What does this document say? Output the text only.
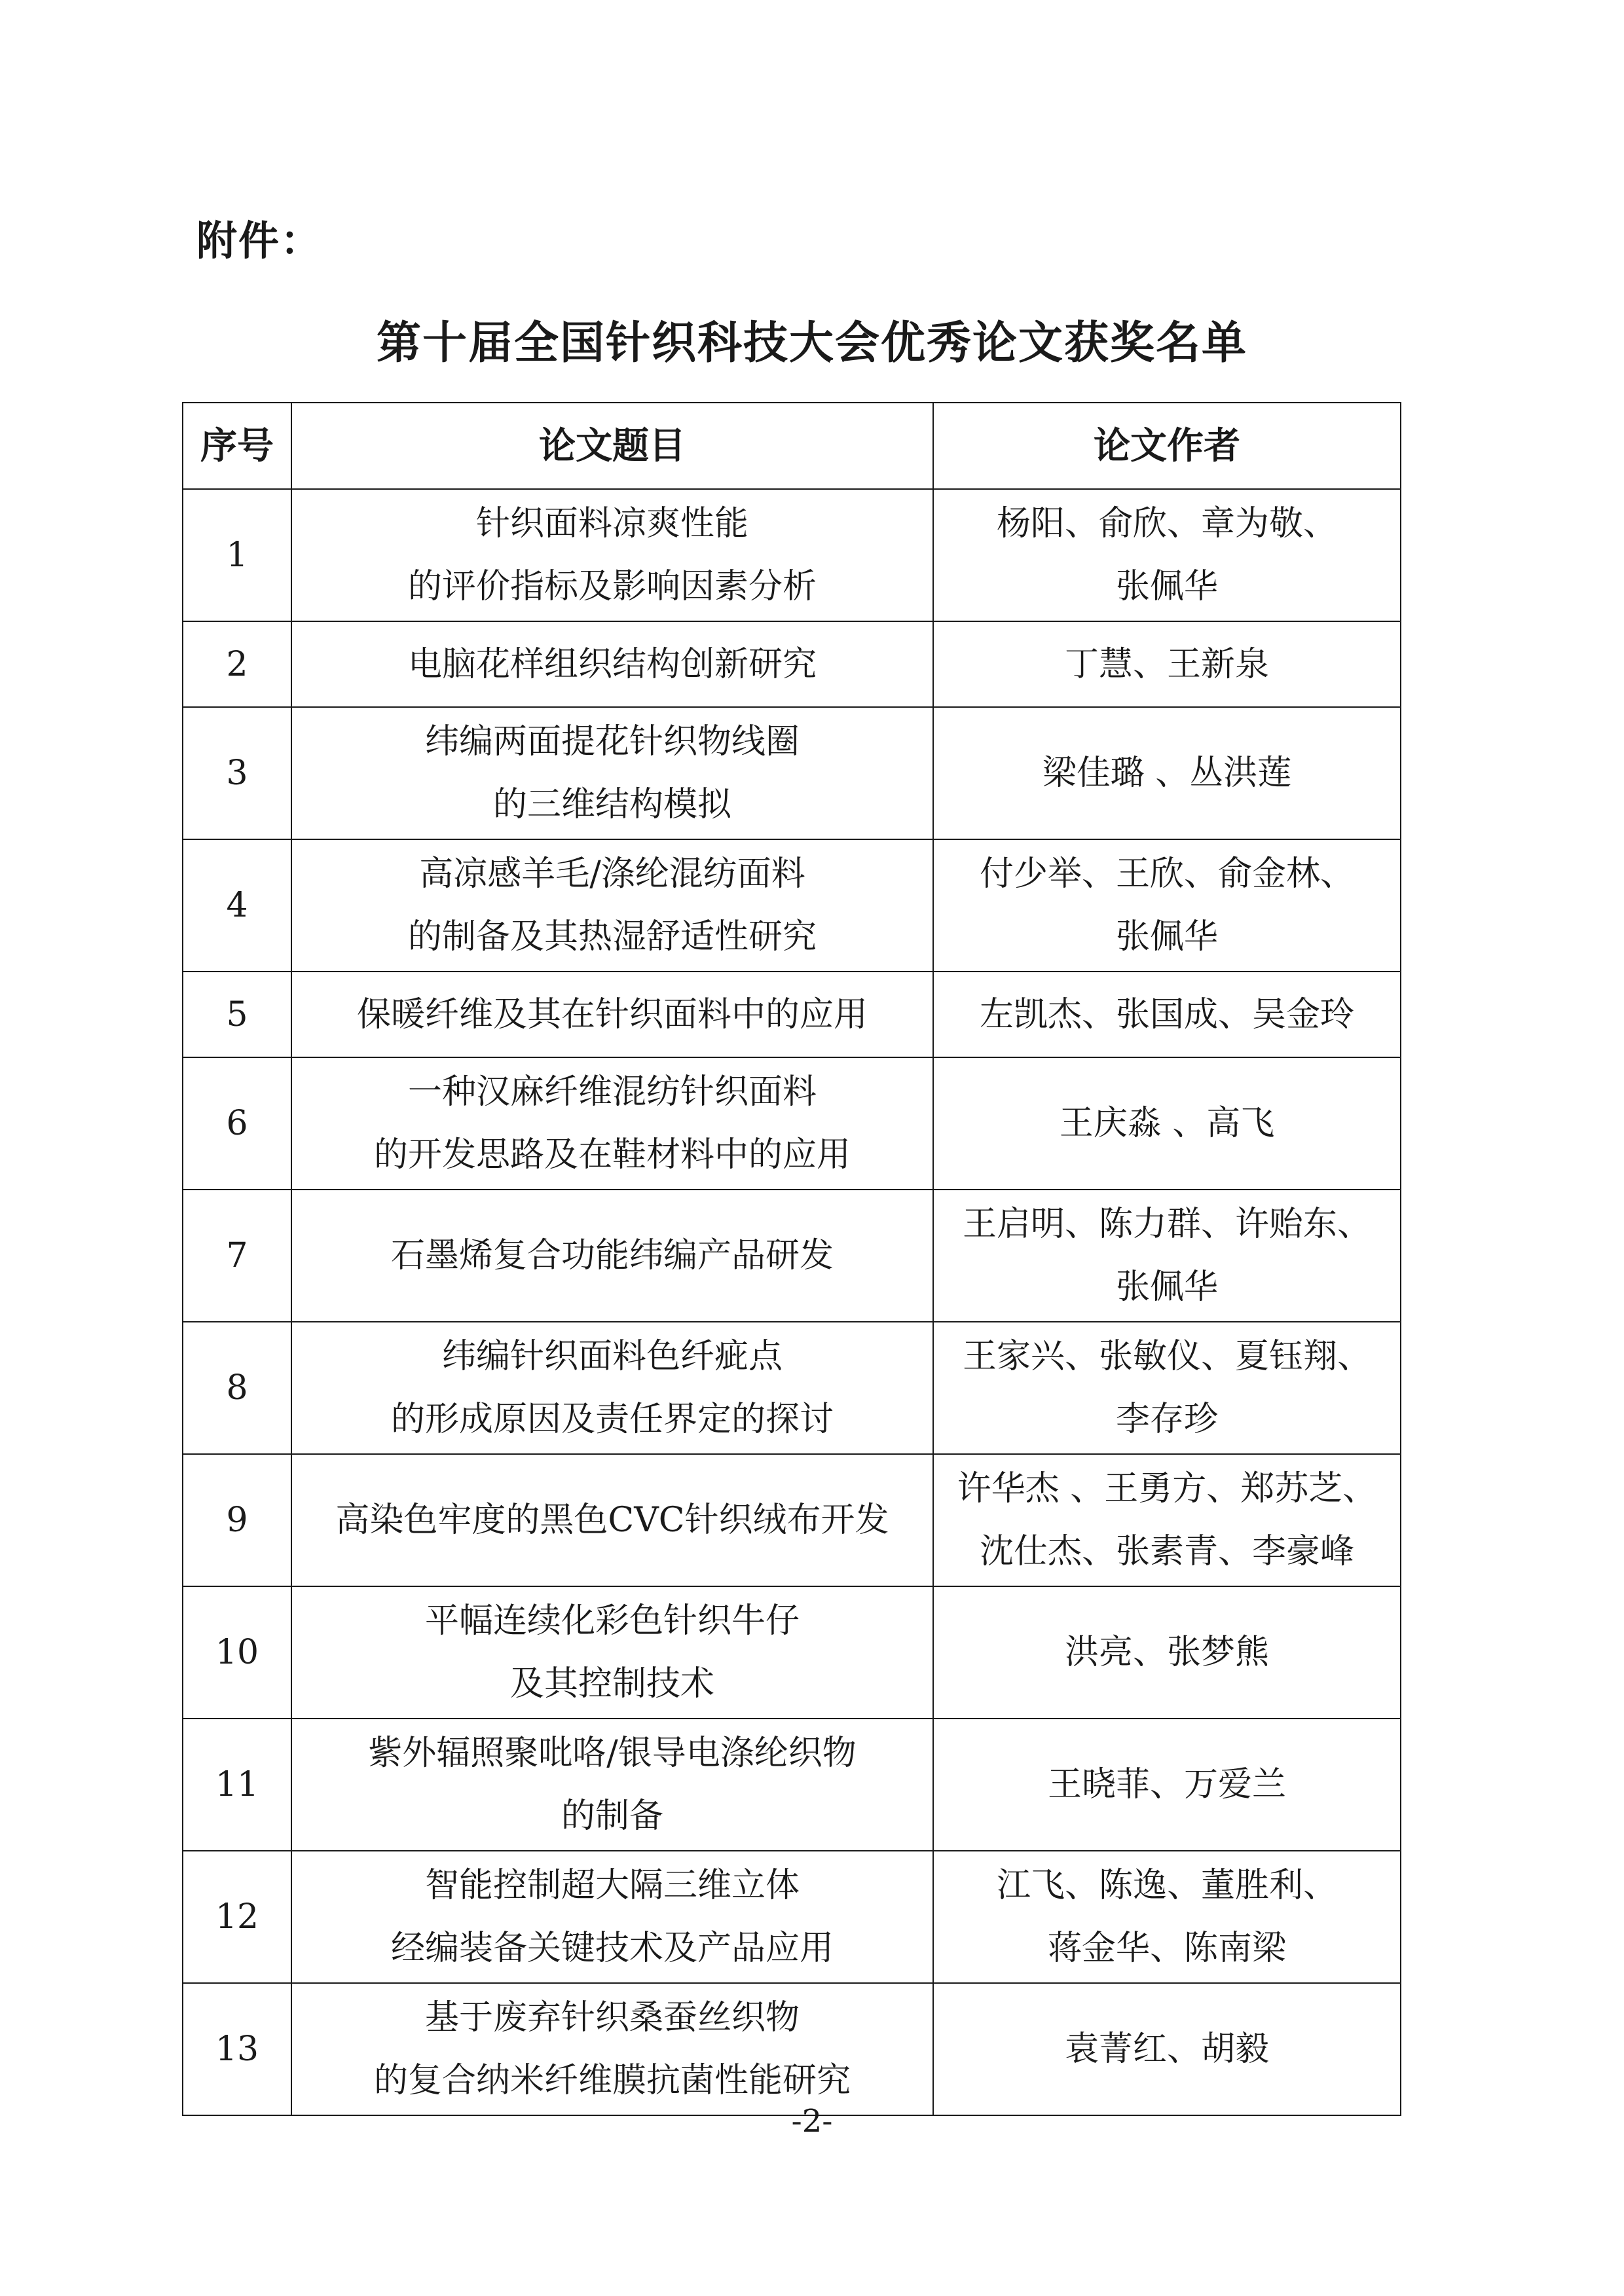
附件：
第十届全国针织科技大会优秀论文获奖名单
序号	论文题目	论文作者
1	针织面料凉爽性能
的评价指标及影响因素分析	杨阳、俞欣、章为敬、
张佩华

2	电脑花样组织结构创新研究	丁慧、王新泉

3	纬编两面提花针织物线圈
的三维结构模拟	梁佳璐 、丛洪莲

4	高凉感羊毛/涤纶混纺面料
的制备及其热湿舒适性研究	付少举、王欣、俞金林、
张佩华

5	保暖纤维及其在针织面料中的应用	左凯杰、张国成、吴金玲

6	一种汉麻纤维混纺针织面料
的开发思路及在鞋材料中的应用	王庆淼 、高飞

7	石墨烯复合功能纬编产品研发	王启明、陈力群、许贻东、
张佩华

8	纬编针织面料色纤疵点
的形成原因及责任界定的探讨	王家兴、张敏仪、夏钰翔、
李存珍

9	高染色牢度的黑色CVC针织绒布开发	许华杰 、王勇方、郑苏芝、
沈仕杰、张素青、李豪峰

10	平幅连续化彩色针织牛仔
及其控制技术	洪亮、张梦熊

11	紫外辐照聚吡咯/银导电涤纶织物
的制备	王晓菲、万爱兰

12	智能控制超大隔三维立体
经编装备关键技术及产品应用	江飞、陈逸、董胜利、
蒋金华、陈南梁

13	基于废弃针织桑蚕丝织物
的复合纳米纤维膜抗菌性能研究	袁菁红、胡毅
-2-
